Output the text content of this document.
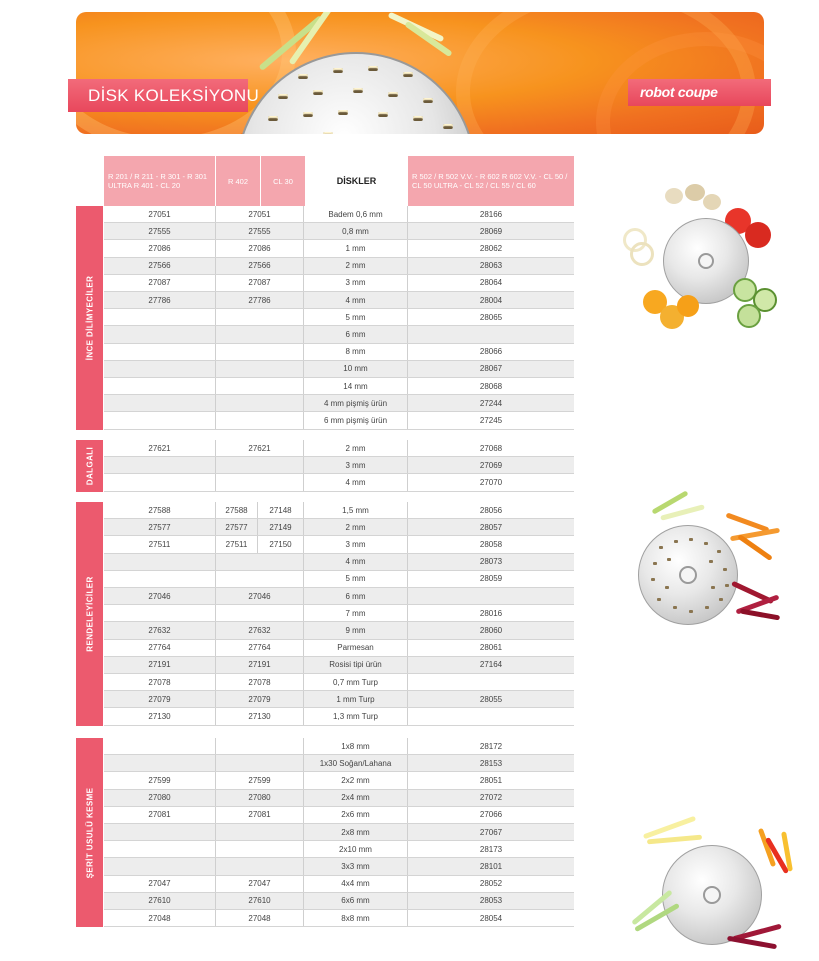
DİSK KOLEKSİYONU	robot coupe
R 201 / R 211 - R 301 - R 301 ULTRA R 401 - CL 20	R 402	CL 30	DİSKLER	R 502 / R 502 V.V. - R 602 R 602 V.V. - CL 50 / CL 50 ULTRA - CL 52 / CL 55 / CL 60
İNCE DİLİMYECİLER
27051	27051	Badem 0,6 mm	28166
27555	27555	0,8 mm	28069
27086	27086	1 mm	28062
27566	27566	2 mm	28063
27087	27087	3 mm	28064
27786	27786	4 mm	28004
5 mm	28065
6 mm
8 mm	28066
10 mm	28067
14 mm	28068
4 mm pişmiş ürün	27244
6 mm pişmiş ürün	27245
DALGALI	27621	27621	2 mm	27068
3 mm	27069
4 mm	27070
RENDELEYİCİLER
27588	27588	27148	1,5 mm	28056
27577	27577	27149	2 mm	28057
27511	27511	27150	3 mm	28058
4 mm	28073
5 mm	28059
27046	27046	6 mm
7 mm	28016
27632	27632	9 mm	28060
27764	27764	Parmesan	28061
27191	27191	Rosisi tipi ürün	27164
27078	27078	0,7 mm Turp
27079	27079	1 mm Turp	28055
27130	27130	1,3 mm Turp
ŞERİT USULÜ KESME
1x8 mm	28172
1x30 Soğan/Lahana	28153
27599	27599	2x2 mm	28051
27080	27080	2x4 mm	27072
27081	27081	2x6 mm	27066
2x8 mm	27067
2x10 mm	28173
3x3 mm	28101
27047	27047	4x4 mm	28052
27610	27610	6x6 mm	28053
27048	27048	8x8 mm	28054
